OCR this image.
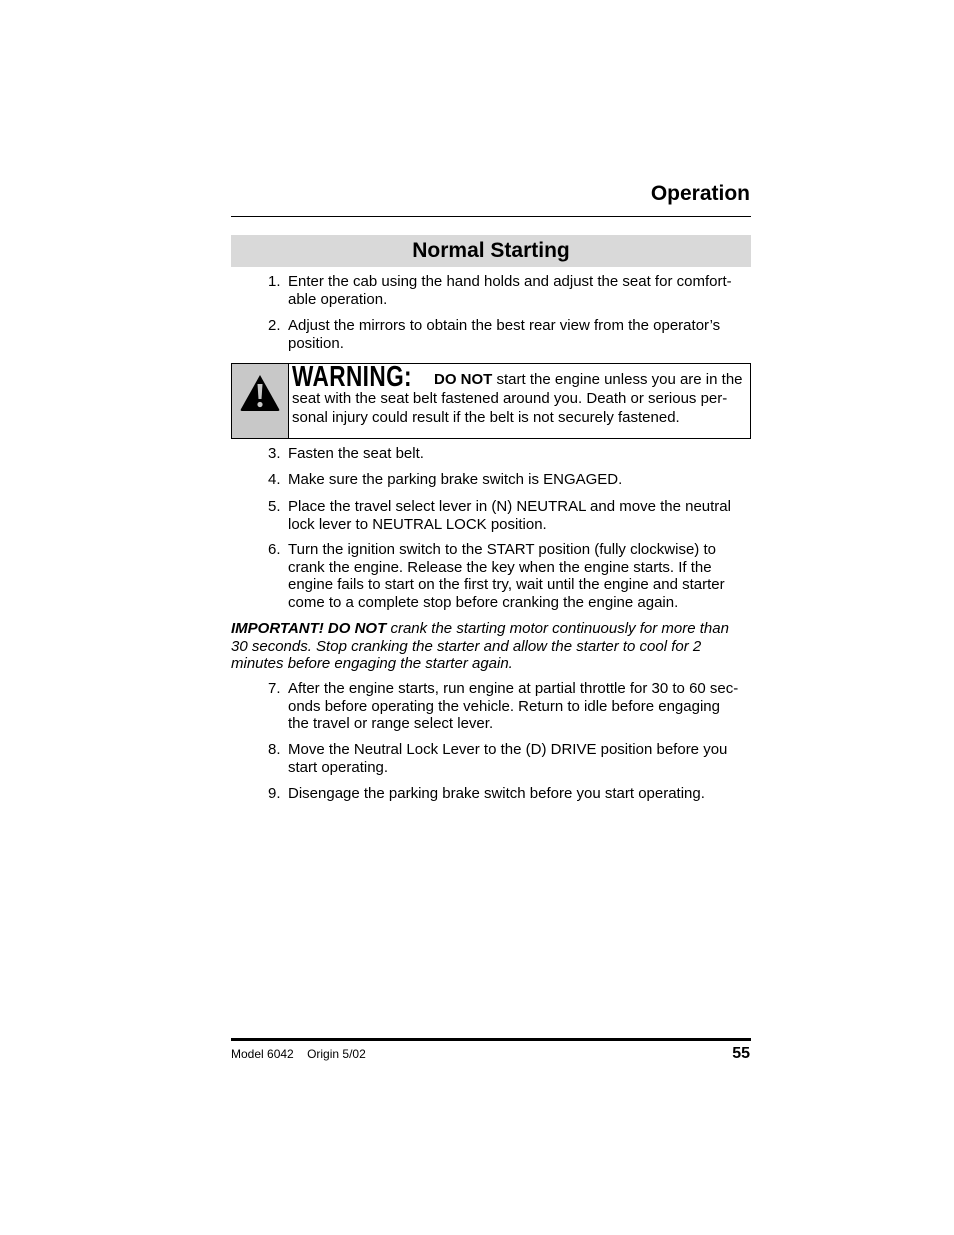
Operation
Normal Starting
1. Enter the cab using the hand holds and adjust the seat for comfort-
able operation.
2. Adjust the mirrors to obtain the best rear view from the operator’s
position.
WARNING: DO NOT start the engine unless you are in the
seat with the seat belt fastened around you. Death or serious per-
sonal injury could result if the belt is not securely fastened.
3. Fasten the seat belt.
4. Make sure the parking brake switch is ENGAGED.
5. Place the travel select lever in (N) NEUTRAL and move the neutral
lock lever to NEUTRAL LOCK position.
6. Turn the ignition switch to the START position (fully clockwise) to
crank the engine. Release the key when the engine starts. If the
engine fails to start on the first try, wait until the engine and starter
come to a complete stop before cranking the engine again.
IMPORTANT! DO NOT crank the starting motor continuously for more than
30 seconds. Stop cranking the starter and allow the starter to cool for 2
minutes before engaging the starter again.
7. After the engine starts, run engine at partial throttle for 30 to 60 sec-
onds before operating the vehicle. Return to idle before engaging
the travel or range select lever.
8. Move the Neutral Lock Lever to the (D) DRIVE position before you
start operating.
9. Disengage the parking brake switch before you start operating.
Model 6042 Origin 5/02	55
